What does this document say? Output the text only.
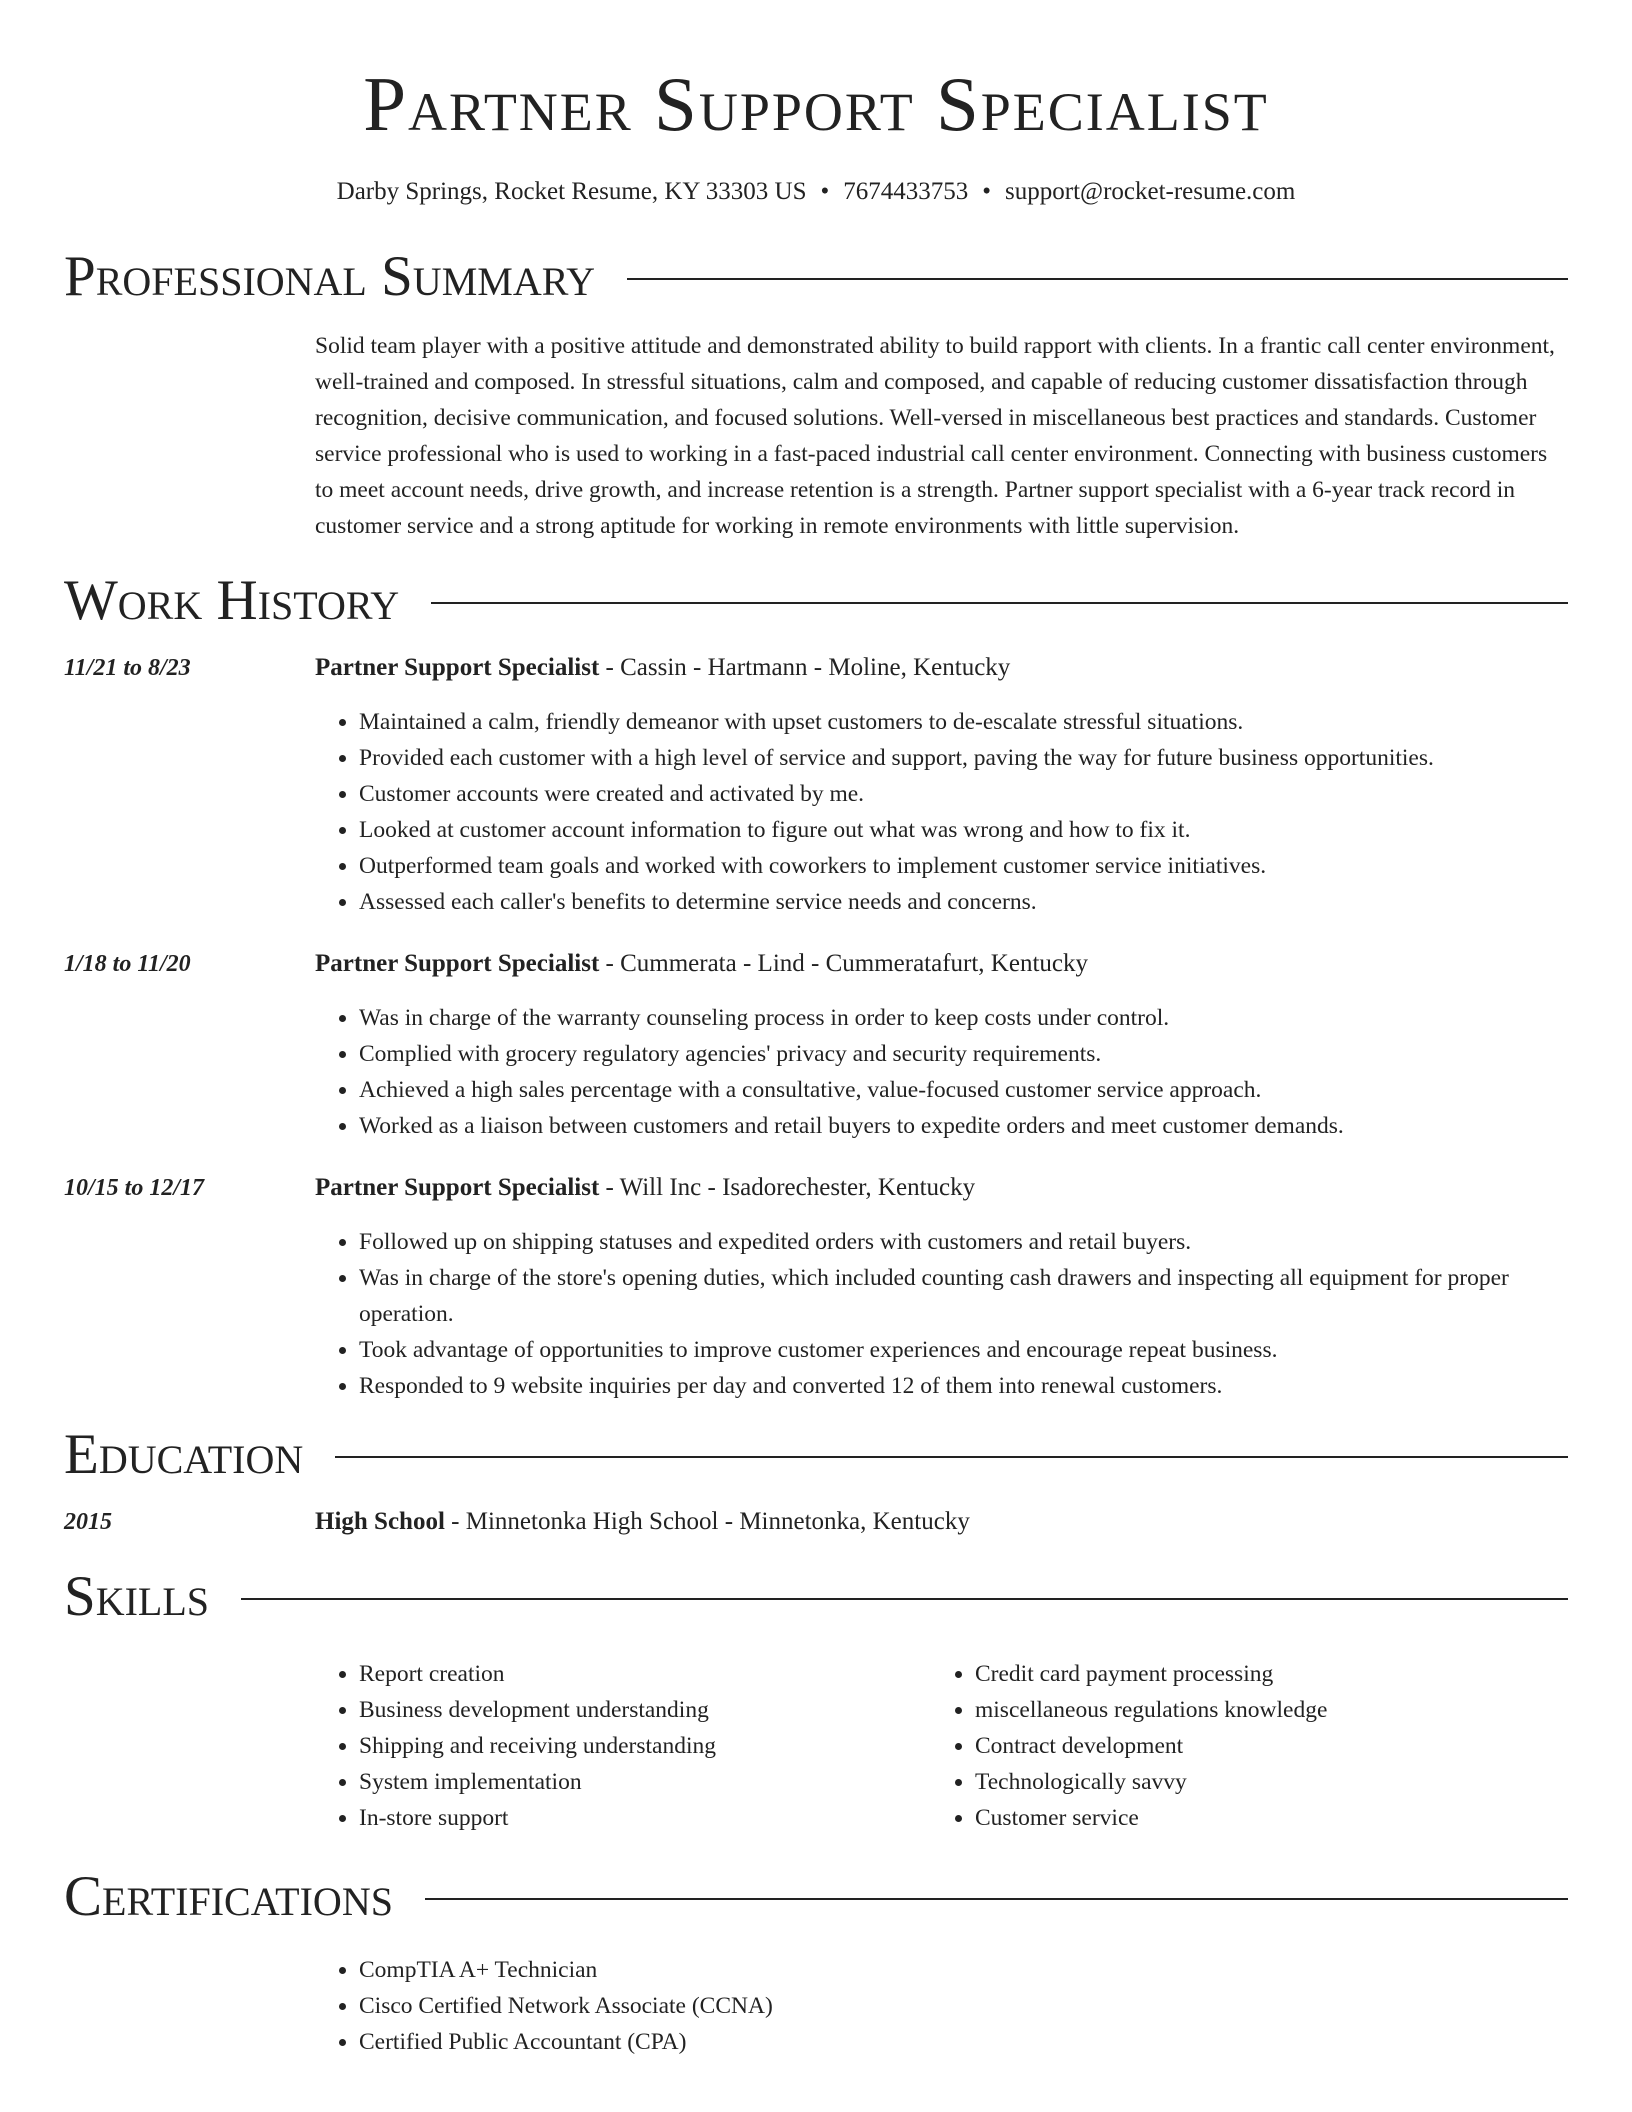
Partner Support Specialist
Darby Springs, Rocket Resume, KY 33303 US • 7674433753 • support@rocket-resume.com
Professional Summary

Solid team player with a positive attitude and demonstrated ability to build rapport with clients. In a frantic call center environment, well-trained and composed. In stressful situations, calm and composed, and capable of reducing customer dissatisfaction through recognition, decisive communication, and focused solutions. Well-versed in miscellaneous best practices and standards. Customer service professional who is used to working in a fast-paced industrial call center environment. Connecting with business customers to meet account needs, drive growth, and increase retention is a strength. Partner support specialist with a 6-year track record in customer service and a strong aptitude for working in remote environments with little supervision.

Work History
11/21 to 8/23	Partner Support Specialist - Cassin - Hartmann - Moline, Kentucky
• Maintained a calm, friendly demeanor with upset customers to de-escalate stressful situations.
• Provided each customer with a high level of service and support, paving the way for future business opportunities.
• Customer accounts were created and activated by me.
• Looked at customer account information to figure out what was wrong and how to fix it.
• Outperformed team goals and worked with coworkers to implement customer service initiatives.
• Assessed each caller's benefits to determine service needs and concerns.
1/18 to 11/20	Partner Support Specialist - Cummerata - Lind - Cummeratafurt, Kentucky
• Was in charge of the warranty counseling process in order to keep costs under control.
• Complied with grocery regulatory agencies' privacy and security requirements.
• Achieved a high sales percentage with a consultative, value-focused customer service approach.
• Worked as a liaison between customers and retail buyers to expedite orders and meet customer demands.
10/15 to 12/17	Partner Support Specialist - Will Inc - Isadorechester, Kentucky
• Followed up on shipping statuses and expedited orders with customers and retail buyers.
• Was in charge of the store's opening duties, which included counting cash drawers and inspecting all equipment for proper operation.
• Took advantage of opportunities to improve customer experiences and encourage repeat business.
• Responded to 9 website inquiries per day and converted 12 of them into renewal customers.
Education
2015	High School - Minnetonka High School - Minnetonka, Kentucky
Skills
• Report creation
• Business development understanding
• Shipping and receiving understanding
• System implementation
• In-store support
• Credit card payment processing
• miscellaneous regulations knowledge
• Contract development
• Technologically savvy
• Customer service
Certifications
• CompTIA A+ Technician
• Cisco Certified Network Associate (CCNA)
• Certified Public Accountant (CPA)
